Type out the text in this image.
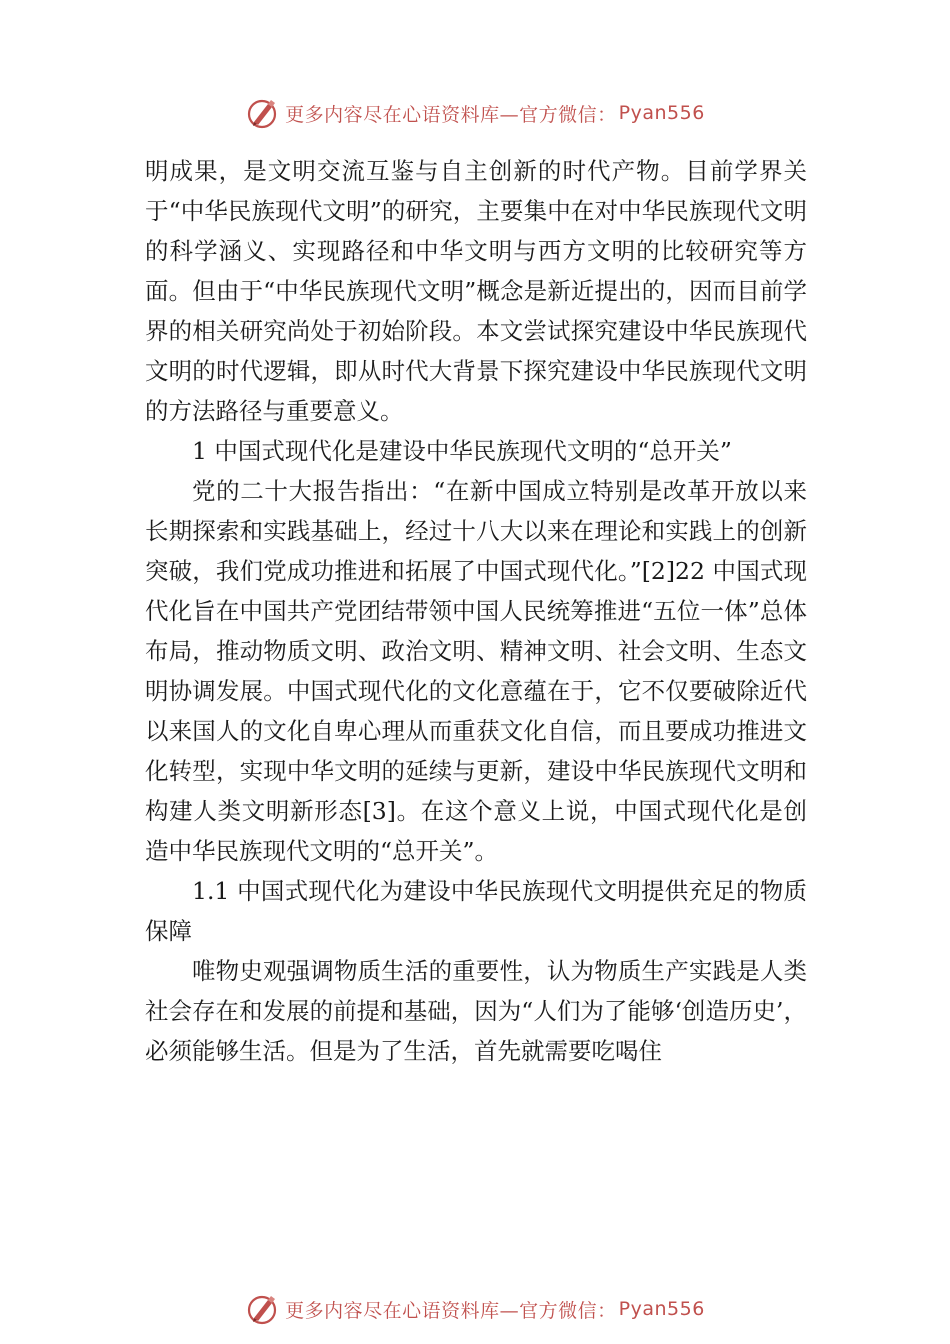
更多内容尽在心语资料库—官方微信： Pyan556

明成果，是文明交流互鉴与自主创新的时代产物。目前学界关于“中华民族现代文明”的研究，主要集中在对中华民族现代文明的科学涵义、实现路径和中华文明与西方文明的比较研究等方面。但由于“中华民族现代文明”概念是新近提出的，因而目前学界的相关研究尚处于初始阶段。本文尝试探究建设中华民族现代文明的时代逻辑，即从时代大背景下探究建设中华民族现代文明的方法路径与重要意义。

1 中国式现代化是建设中华民族现代文明的“总开关”

党的二十大报告指出：“在新中国成立特别是改革开放以来长期探索和实践基础上，经过十八大以来在理论和实践上的创新突破，我们党成功推进和拓展了中国式现代化。”[2]22 中国式现代化旨在中国共产党团结带领中国人民统筹推进“五位一体”总体布局，推动物质文明、政治文明、精神文明、社会文明、生态文明协调发展。中国式现代化的文化意蕴在于，它不仅要破除近代以来国人的文化自卑心理从而重获文化自信，而且要成功推进文化转型，实现中华文明的延续与更新，建设中华民族现代文明和构建人类文明新形态[3]。在这个意义上说，中国式现代化是创造中华民族现代文明的“总开关”。

1.1 中国式现代化为建设中华民族现代文明提供充足的物质保障

唯物史观强调物质生活的重要性，认为物质生产实践是人类社会存在和发展的前提和基础，因为“人们为了能够‘创造历史’，必须能够生活。但是为了生活，首先就需要吃喝住

更多内容尽在心语资料库—官方微信： Pyan556
